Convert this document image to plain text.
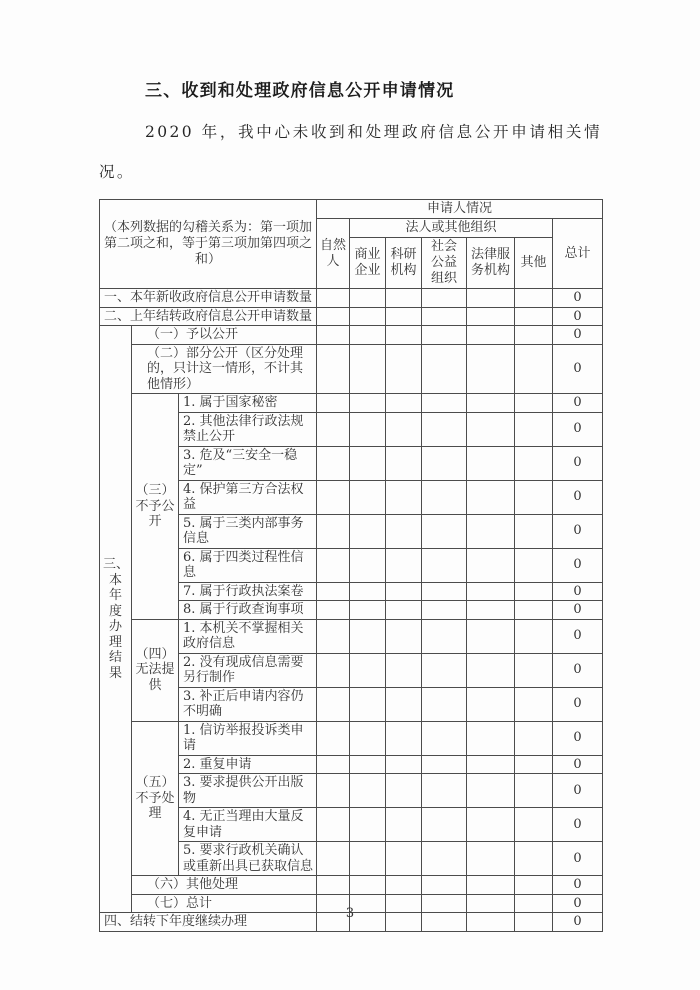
三、收到和处理政府信息公开申请情况

2020 年，我中心未收到和处理政府信息公开申请相关情况。

（本列数据的勾稽关系为：第一项加第二项之和，等于第三项加第四项之和）			申请人情况						
			自然人	法人或其他组织					总计
				商业企业	科研机构	社会公益组织	法律服务机构	其他	
一、本年新收政府信息公开申请数量									0
二、上年结转政府信息公开申请数量									0
三、本年度办理结果	（一）予以公开								0
	（二）部分公开（区分处理的，只计这一情形，不计其他情形）								0
	（三）不予公开	1. 属于国家秘密							0
		2. 其他法律行政法规禁止公开							0
		3. 危及“三安全一稳定”							0
		4. 保护第三方合法权益							0
		5. 属于三类内部事务信息							0
		6. 属于四类过程性信息							0
		7. 属于行政执法案卷							0
		8. 属于行政查询事项							0
	（四）无法提供	1. 本机关不掌握相关政府信息							0
		2. 没有现成信息需要另行制作							0
		3. 补正后申请内容仍不明确							0
	（五）不予处理	1. 信访举报投诉类申请							0
		2. 重复申请							0
		3. 要求提供公开出版物							0
		4. 无正当理由大量反复申请							0
		5. 要求行政机关确认或重新出具已获取信息							0
	（六）其他处理								0
	（七）总计								0
四、结转下年度继续办理									0
3
